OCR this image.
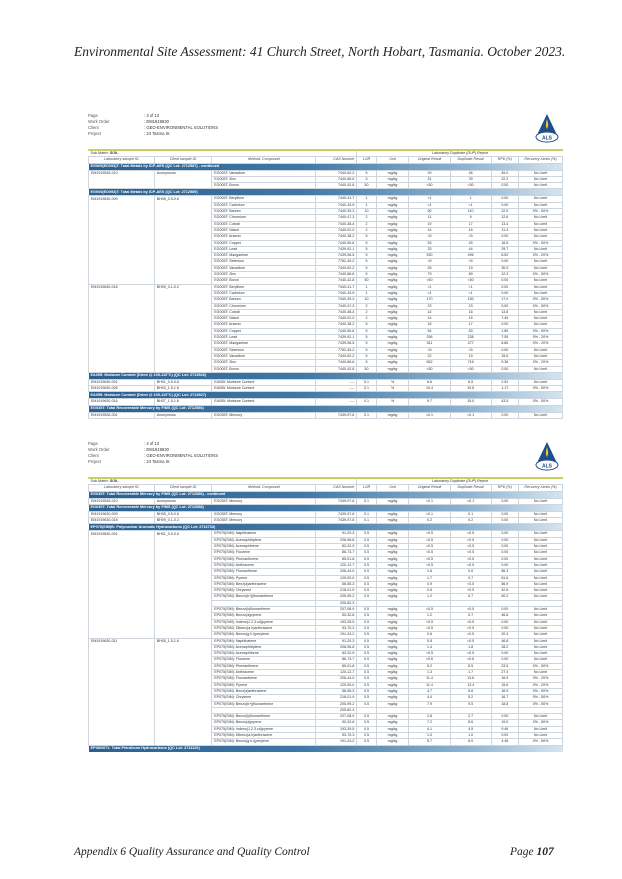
Environmental Site Assessment: 41 Church Street, North Hobart, Tasmania. October 2023.
Page	: 3 of 13
Work Order	: EM1919630
Client	: GEO-ENVIRONMENTAL SOLUTIONS
Project	: 24 Tasma St
ALS
Sub-Matrix: SOIL				Laboratory Duplicate (DUP) Report					
Laboratory sample ID	Client sample ID	Method: Compound	CAS Number	LOR	Unit	Original Result	Duplicate Result	RPD (%)	Recovery Limits (%)
EG005(ED093)T: Total Metals by ICP-AES (QC Lot: 2712587) - continued									
EM1919526-010	Anonymous	EG005T: Vanadium	7440-62-2	5	mg/kg	29	46	45.0	No Limit
		EG005T: Zinc	7440-66-6	5	mg/kg	31	39	22.2	No Limit
		EG005T: Boron	7440-42-8	50	mg/kg	<50	<50	0.00	No Limit
EG005(ED093)T: Total Metals by ICP-AES (QC Lot: 2712589)									
EM1919630-009	BH05_0.5-0.6	EG005T: Beryllium	7440-41-7	1	mg/kg	<1	1	0.00	No Limit
		EG005T: Cadmium	7440-43-9	1	mg/kg	<1	<1	0.00	No Limit
		EG005T: Barium	7440-39-3	10	mg/kg	90	110	22.0	0% - 50%
		EG005T: Chromium	7440-47-3	2	mg/kg	11	9	12.6	No Limit
		EG005T: Cobalt	7440-48-4	2	mg/kg	19	17	13.4	No Limit
		EG005T: Nickel	7440-02-0	2	mg/kg	14	16	11.3	No Limit
		EG005T: Arsenic	7440-38-2	5	mg/kg	<5	<5	0.00	No Limit
		EG005T: Copper	7440-50-8	5	mg/kg	53	45	16.5	0% - 50%
		EG005T: Lead	7439-92-1	5	mg/kg	33	44	29.7	No Limit
		EG005T: Manganese	7439-96-5	5	mg/kg	530	496	6.52	0% - 20%
		EG005T: Selenium	7782-49-2	5	mg/kg	<5	<5	0.00	No Limit
		EG005T: Vanadium	7440-62-2	5	mg/kg	26	19	30.9	No Limit
		EG005T: Zinc	7440-66-6	5	mg/kg	79	89	12.3	0% - 50%
		EG005T: Boron	7440-42-8	50	mg/kg	<50	<50	0.00	No Limit
EM1919630-018	BH09_0.1-0.2	EG005T: Beryllium	7440-41-7	1	mg/kg	<1	<1	0.00	No Limit
		EG005T: Cadmium	7440-43-9	1	mg/kg	<1	<1	0.00	No Limit
		EG005T: Barium	7440-39-3	10	mg/kg	170	150	17.0	0% - 50%
		EG005T: Chromium	7440-47-3	2	mg/kg	23	23	0.00	0% - 50%
		EG005T: Cobalt	7440-48-4	2	mg/kg	14	16	13.8	No Limit
		EG005T: Nickel	7440-02-0	2	mg/kg	14	15	7.49	No Limit
		EG005T: Arsenic	7440-38-2	5	mg/kg	16	17	0.00	No Limit
		EG005T: Copper	7440-50-8	5	mg/kg	54	53	1.89	0% - 50%
		EG005T: Lead	7439-92-1	5	mg/kg	256	238	7.55	0% - 20%
		EG005T: Manganese	7439-96-5	5	mg/kg	511	477	6.85	0% - 20%
		EG005T: Selenium	7782-49-2	5	mg/kg	<5	<5	0.00	No Limit
		EG005T: Vanadium	7440-62-2	5	mg/kg	22	19	15.6	No Limit
		EG005T: Zinc	7440-66-6	5	mg/kg	652	716	9.36	0% - 20%
		EG005T: Boron	7440-42-8	50	mg/kg	<50	<50	0.00	No Limit
EA055: Moisture Content (Dried @ 105-110°C) (QC Lot: 2713926)									
EM1919630-001	BH01_0.5-0.6	EA055: Moisture Content	----	0.1	%	6.6	6.5	2.52	No Limit
EM1919630-006	BH03_1.5-1.6	EA055: Moisture Content	----	0.1	%	19.4	19.6	1.17	0% - 50%
EA055: Moisture Content (Dried @ 105-110°C) (QC Lot: 2713927)									
EM1919630-016	BH07_1.5-1.6	EA055: Moisture Content	----	0.1	%	9.7	15.0	43.5	0% - 50%
EG035T: Total Recoverable Mercury by FIMS (QC Lot: 2712586)									
EM1919526-001	Anonymous	EG035T: Mercury	7439-97-6	0.1	mg/kg	<0.1	<0.1	0.00	No Limit
Page	: 4 of 13
Work Order	: EM1919630
Client	: GEO-ENVIRONMENTAL SOLUTIONS
Project	: 24 Tasma St
ALS
Sub-Matrix: SOIL				Laboratory Duplicate (DUP) Report					
Laboratory sample ID	Client sample ID	Method: Compound	CAS Number	LOR	Unit	Original Result	Duplicate Result	RPD (%)	Recovery Limits (%)
EG035T: Total Recoverable Mercury by FIMS (QC Lot: 2712586) - continued									
EM1919526-010	Anonymous	EG035T: Mercury	7439-97-6	0.1	mg/kg	<0.1	<0.1	0.00	No Limit
EG035T: Total Recoverable Mercury by FIMS (QC Lot: 2712588)									
EM1919630-009	BH05_0.5-0.6	EG035T: Mercury	7439-97-6	0.1	mg/kg	<0.1	0.1	0.00	No Limit
EM1919630-018	BH09_0.1-0.2	EG035T: Mercury	7439-97-6	0.1	mg/kg	0.2	0.2	0.00	No Limit
EP075(SIM)B: Polynuclear Aromatic Hydrocarbons (QC Lot: 2712733)									
EM1919630-001	BH01_0.5-0.6	EP075(SIM): Naphthalene	91-20-3	0.5	mg/kg	<0.5	<0.5	0.00	No Limit
		EP075(SIM): Acenaphthylene	208-96-8	0.5	mg/kg	<0.5	<0.5	0.00	No Limit
		EP075(SIM): Acenaphthene	83-32-9	0.5	mg/kg	<0.5	<0.5	0.00	No Limit
		EP075(SIM): Fluorene	86-73-7	0.5	mg/kg	<0.5	<0.5	0.00	No Limit
		EP075(SIM): Phenanthrene	85-01-8	0.5	mg/kg	<0.5	<0.5	0.00	No Limit
		EP075(SIM): Anthracene	120-12-7	0.5	mg/kg	<0.5	<0.5	0.00	No Limit
		EP075(SIM): Fluoranthene	206-44-0	0.5	mg/kg	1.6	0.6	86.3	No Limit
		EP075(SIM): Pyrene	129-00-0	0.5	mg/kg	1.7	0.7	81.6	No Limit
		EP075(SIM): Benz(a)anthracene	56-55-3	0.5	mg/kg	0.9	<0.5	56.9	No Limit
		EP075(SIM): Chrysene	218-01-9	0.5	mg/kg	0.8	<0.5	42.6	No Limit
		EP075(SIM): Benzo(b+j)fluoranthene	205-99-2	0.5	mg/kg	1.2	0.7	60.2	No Limit
			205-82-3						
		EP075(SIM): Benzo(k)fluoranthene	207-08-9	0.5	mg/kg	<0.5	<0.5	0.00	No Limit
		EP075(SIM): Benzo(a)pyrene	50-32-8	0.5	mg/kg	1.2	0.7	46.6	No Limit
		EP075(SIM): Indeno(1.2.3.cd)pyrene	193-39-5	0.5	mg/kg	<0.5	<0.5	0.00	No Limit
		EP075(SIM): Dibenz(a.h)anthracene	53-70-3	0.5	mg/kg	<0.5	<0.5	0.00	No Limit
		EP075(SIM): Benzo(g.h.i)perylene	191-24-2	0.5	mg/kg	0.6	<0.5	20.4	No Limit
EM1919630-011	BH05_1.5-1.6	EP075(SIM): Naphthalene	91-20-3	0.5	mg/kg	0.8	<0.5	46.8	No Limit
		EP075(SIM): Acenaphthylene	208-96-8	0.5	mg/kg	1.4	1.8	28.2	No Limit
		EP075(SIM): Acenaphthene	83-32-9	0.5	mg/kg	<0.5	<0.5	0.00	No Limit
		EP075(SIM): Fluorene	86-73-7	0.5	mg/kg	<0.6	<0.6	0.00	No Limit
		EP075(SIM): Phenanthrene	85-01-8	0.5	mg/kg	5.2	6.5	23.5	0% - 50%
		EP075(SIM): Anthracene	120-12-7	0.5	mg/kg	1.3	1.7	27.4	No Limit
		EP075(SIM): Fluoranthene	206-44-0	0.5	mg/kg	11.4	13.6	16.9	0% - 20%
		EP075(SIM): Pyrene	129-00-0	0.5	mg/kg	11.4	13.4	15.6	0% - 20%
		EP075(SIM): Benz(a)anthracene	56-55-3	0.5	mg/kg	4.7	5.6	16.9	0% - 50%
		EP075(SIM): Chrysene	218-01-9	0.5	mg/kg	4.4	5.2	16.7	0% - 50%
		EP075(SIM): Benzo(b+j)fluoranthene	205-99-2	0.5	mg/kg	7.9	9.5	18.8	0% - 50%
			205-82-3						
		EP075(SIM): Benzo(k)fluoranthene	207-08-9	0.5	mg/kg	2.8	2.7	0.00	No Limit
		EP075(SIM): Benzo(a)pyrene	50-32-8	0.5	mg/kg	7.2	8.6	19.0	0% - 50%
		EP075(SIM): Indeno(1.2.3.cd)pyrene	193-39-5	0.5	mg/kg	4.1	4.5	9.46	No Limit
		EP075(SIM): Dibenz(a.h)anthracene	53-70-3	0.5	mg/kg	1.0	1.0	0.00	No Limit
		EP075(SIM): Benzo(g.h.i)perylene	191-24-2	0.5	mg/kg	5.7	6.0	4.46	0% - 50%
EP080/071: Total Petroleum Hydrocarbons (QC Lot: 2711120)									
Appendix 6 Quality Assurance and Quality Control	Page 107
